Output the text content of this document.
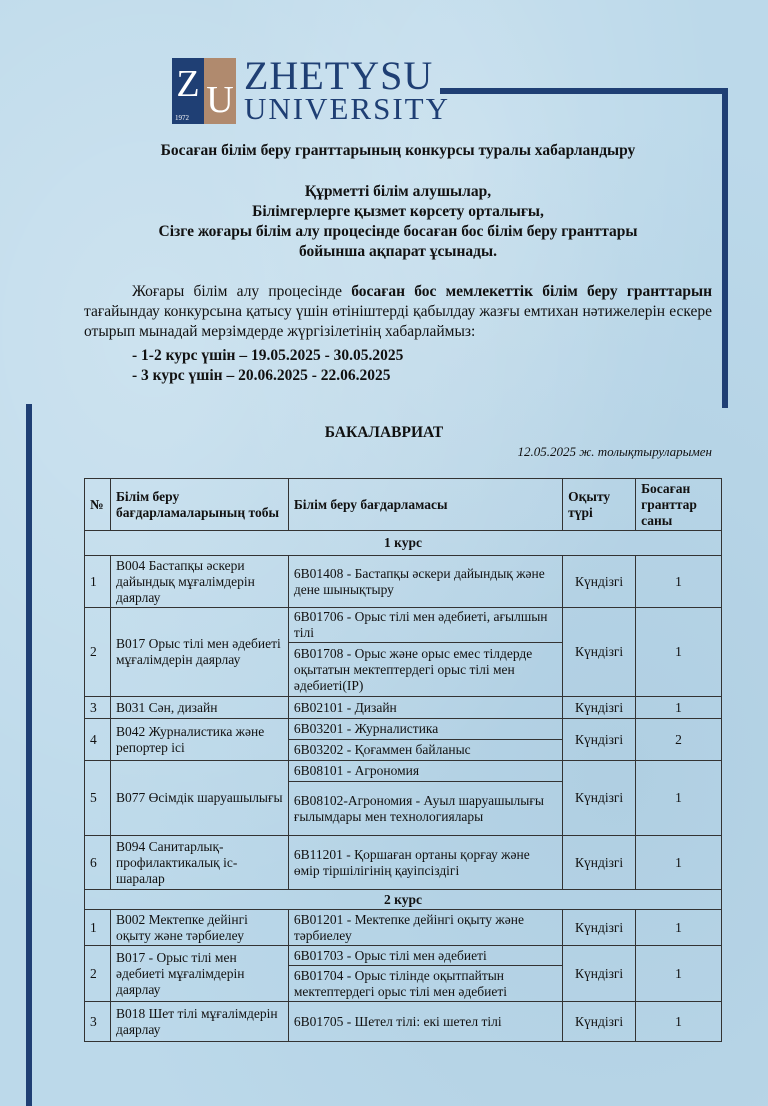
Z U
1972
ZHETYSU
UNIVERSITY

Босаған білім беру гранттарының конкурсы туралы хабарландыру

Құрметті білім алушылар,
Білімгерлерге қызмет көрсету орталығы,
Сізге жоғары білім алу процесінде босаған бос білім беру гранттары
бойынша ақпарат ұсынады.
Жоғары білім алу процесінде босаған бос мемлекеттік білім беру гранттарын тағайындау конкурсына қатысу үшін өтініштерді қабылдау жазғы емтихан нәтижелерін ескере отырып мынадай мерзімдерде жүргізілетінің хабарлаймыз:
- 1-2 курс үшін – 19.05.2025 - 30.05.2025
- 3 курс үшін – 20.06.2025 - 22.06.2025
БАКАЛАВРИАТ
12.05.2025 ж. толықтыруларымен
№	Білім беру бағдарламаларының тобы	Білім беру бағдарламасы	Оқыту түрі	Босаған гранттар саны
1 курс				
1	В004 Бастапқы әскери дайындық мұғалімдерін даярлау	6В01408 - Бастапқы әскери дайындық және дене шынықтыру	Күндізгі	1
2	В017 Орыс тілі мен әдебиеті мұғалімдерін даярлау	6В01706 - Орыс тілі мен әдебиеті, ағылшын тілі	Күндізгі	1
		6В01708 - Орыс және орыс емес тілдерде оқытатын мектептердегі орыс тілі мен әдебиеті(IP)		
3	В031 Сән, дизайн	6В02101 - Дизайн	Күндізгі	1
4	В042 Журналистика және репортер ісі	6В03201 - Журналистика	Күндізгі	2
		6В03202 - Қоғаммен байланыс		
5	В077 Өсімдік шаруашылығы	6В08101 - Агрономия	Күндізгі	1
		6В08102-Агрономия - Ауыл шаруашылығы ғылымдары мен технологиялары		
6	В094 Санитарлық-профилактикалық іс-шаралар	6В11201 - Қоршаған ортаны қорғау және өмір тіршілігінің қауіпсіздігі	Күндізгі	1
2 курс				
1	В002 Мектепке дейінгі оқыту және тәрбиелеу	6В01201 - Мектепке дейінгі оқыту және тәрбиелеу	Күндізгі	1
2	В017 - Орыс тілі мен әдебиеті мұғалімдерін даярлау	6В01703 - Орыс тілі мен әдебиеті	Күндізгі	1
		6В01704 - Орыс тілінде оқытпайтын мектептердегі орыс тілі мен әдебиеті		
3	В018 Шет тілі мұғалімдерін даярлау	6В01705 - Шетел тілі: екі шетел тілі	Күндізгі	1
